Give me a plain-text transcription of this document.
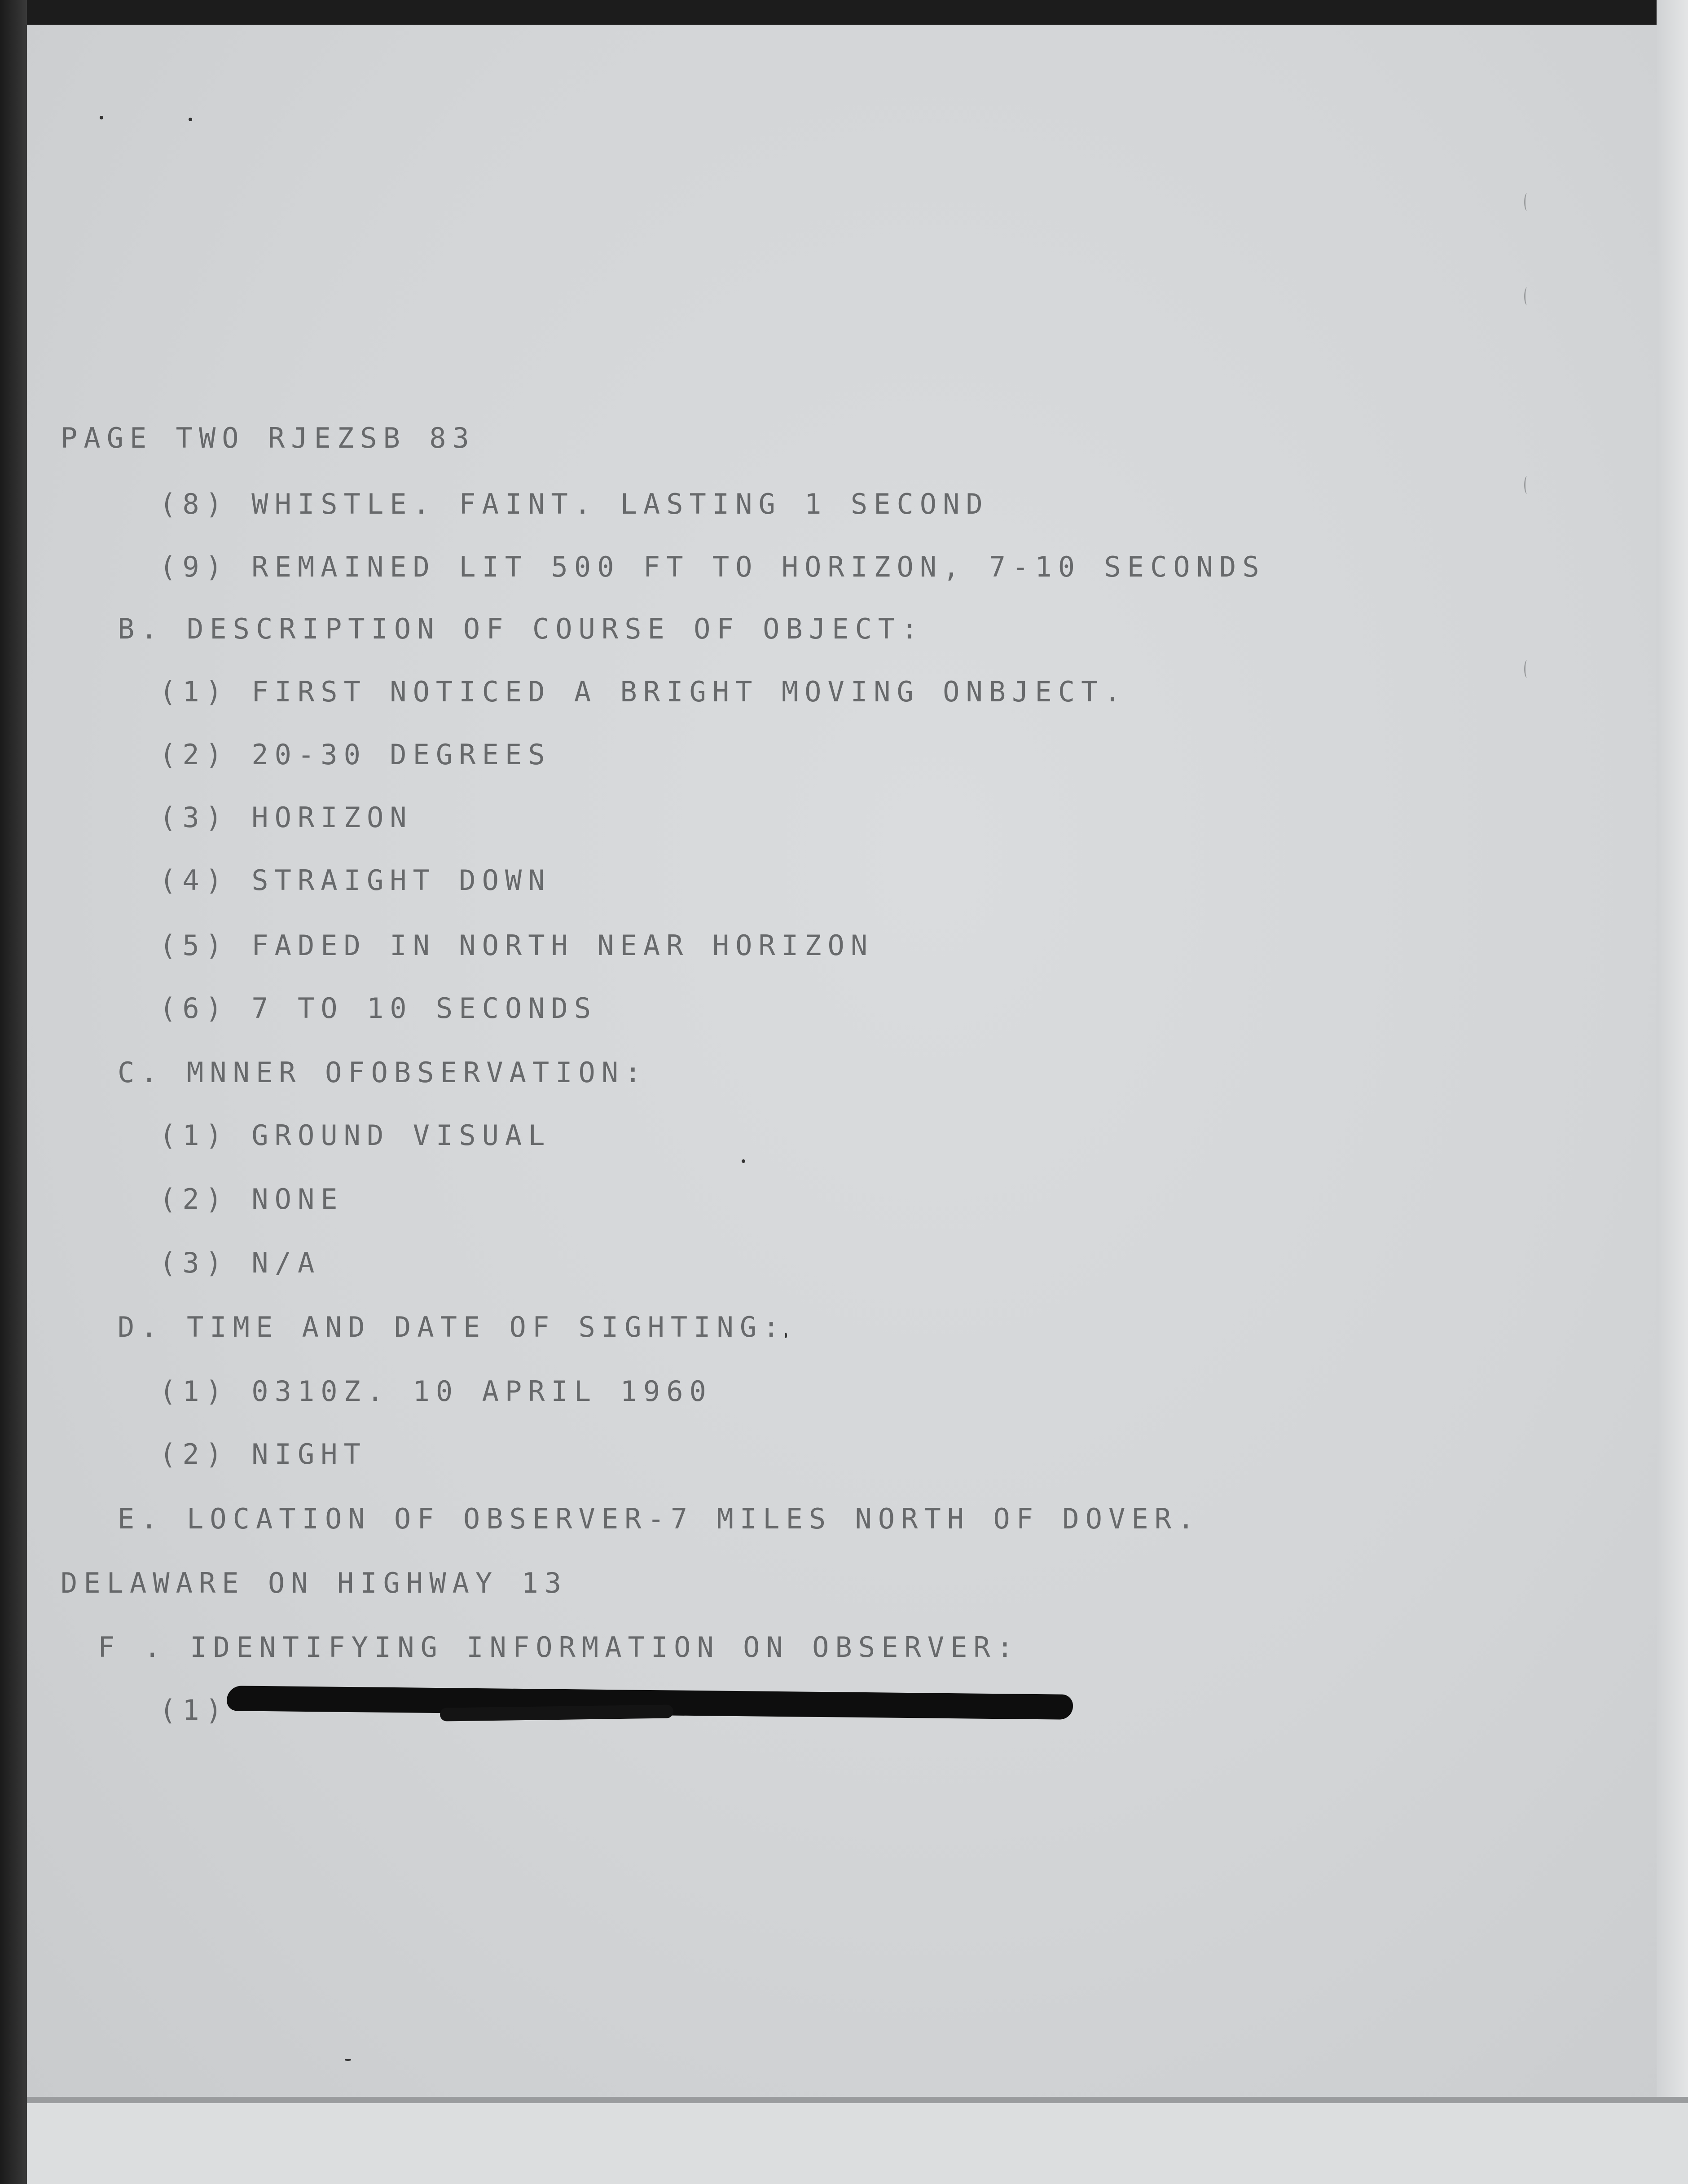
PAGE TWO RJEZSB 83
(8) WHISTLE. FAINT. LASTING 1 SECOND
(9) REMAINED LIT 500 FT TO HORIZON, 7-10 SECONDS
B. DESCRIPTION OF COURSE OF OBJECT:
(1) FIRST NOTICED A BRIGHT MOVING ONBJECT.
(2) 20-30 DEGREES
(3) HORIZON
(4) STRAIGHT DOWN
(5) FADED IN NORTH NEAR HORIZON
(6) 7 TO 10 SECONDS
C. MNNER OFOBSERVATION:
(1) GROUND VISUAL
(2) NONE
(3) N/A
D. TIME AND DATE OF SIGHTING:
(1) 0310Z. 10 APRIL 1960
(2) NIGHT
E. LOCATION OF OBSERVER-7 MILES NORTH OF DOVER.
DELAWARE ON HIGHWAY 13
F . IDENTIFYING INFORMATION ON OBSERVER:
(1)
